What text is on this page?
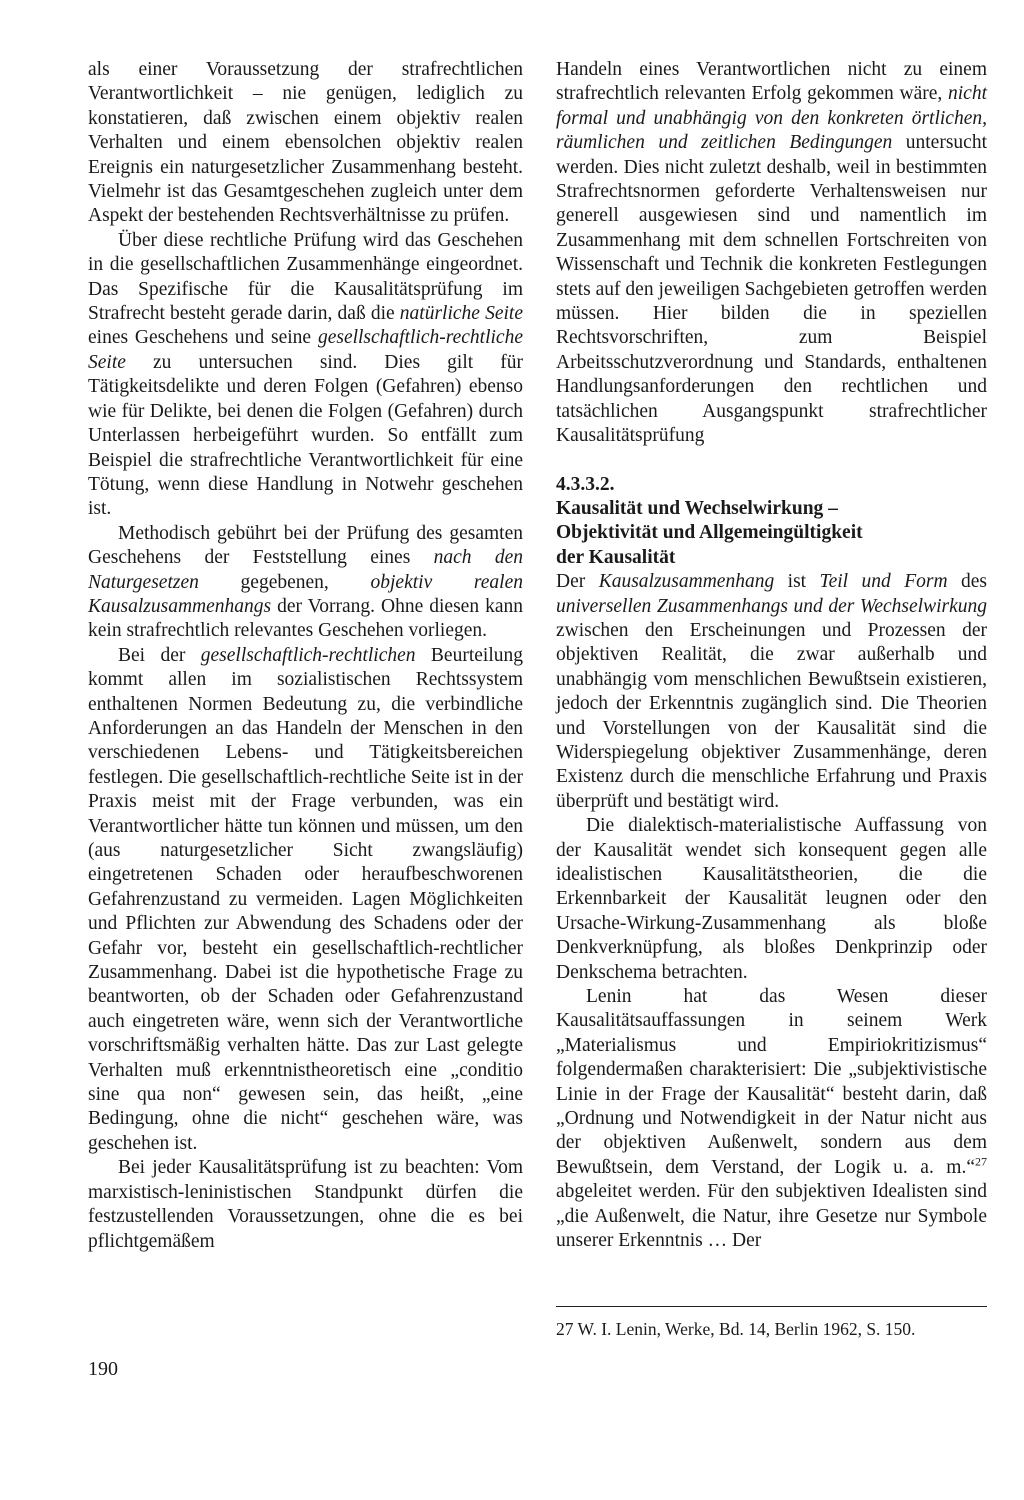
als einer Voraussetzung der strafrechtlichen Verantwortlichkeit – nie genügen, lediglich zu konstatieren, daß zwischen einem objektiv realen Verhalten und einem ebensolchen objektiv realen Ereignis ein naturgesetzlicher Zusammenhang besteht. Vielmehr ist das Gesamtgeschehen zugleich unter dem Aspekt der bestehenden Rechtsverhältnisse zu prüfen.

Über diese rechtliche Prüfung wird das Geschehen in die gesellschaftlichen Zusammenhänge eingeordnet. Das Spezifische für die Kausalitätsprüfung im Strafrecht besteht gerade darin, daß die natürliche Seite eines Geschehens und seine gesellschaftlich-rechtliche Seite zu untersuchen sind. Dies gilt für Tätigkeitsdelikte und deren Folgen (Gefahren) ebenso wie für Delikte, bei denen die Folgen (Gefahren) durch Unterlassen herbeigeführt wurden. So entfällt zum Beispiel die strafrechtliche Verantwortlichkeit für eine Tötung, wenn diese Handlung in Notwehr geschehen ist.

Methodisch gebührt bei der Prüfung des gesamten Geschehens der Feststellung eines nach den Naturgesetzen gegebenen, objektiv realen Kausalzusammenhangs der Vorrang. Ohne diesen kann kein strafrechtlich relevantes Geschehen vorliegen.

Bei der gesellschaftlich-rechtlichen Beurteilung kommt allen im sozialistischen Rechtssystem enthaltenen Normen Bedeutung zu, die verbindliche Anforderungen an das Handeln der Menschen in den verschiedenen Lebens- und Tätigkeitsbereichen festlegen. Die gesellschaftlich-rechtliche Seite ist in der Praxis meist mit der Frage verbunden, was ein Verantwortlicher hätte tun können und müssen, um den (aus naturgesetzlicher Sicht zwangsläufig) eingetretenen Schaden oder heraufbeschworenen Gefahrenzustand zu vermeiden. Lagen Möglichkeiten und Pflichten zur Abwendung des Schadens oder der Gefahr vor, besteht ein gesellschaftlich-rechtlicher Zusammenhang. Dabei ist die hypothetische Frage zu beantworten, ob der Schaden oder Gefahrenzustand auch eingetreten wäre, wenn sich der Verantwortliche vorschriftsmäßig verhalten hätte. Das zur Last gelegte Verhalten muß erkenntnistheoretisch eine „conditio sine qua non“ gewesen sein, das heißt, „eine Bedingung, ohne die nicht“ geschehen wäre, was geschehen ist.

Bei jeder Kausalitätsprüfung ist zu beachten: Vom marxistisch-leninistischen Standpunkt dürfen die festzustellenden Voraussetzungen, ohne die es bei pflichtgemäßem

Handeln eines Verantwortlichen nicht zu einem strafrechtlich relevanten Erfolg gekommen wäre, nicht formal und unabhängig von den konkreten örtlichen, räumlichen und zeitlichen Bedingungen untersucht werden. Dies nicht zuletzt deshalb, weil in bestimmten Strafrechtsnormen geforderte Verhaltensweisen nur generell ausgewiesen sind und namentlich im Zusammenhang mit dem schnellen Fortschreiten von Wissenschaft und Technik die konkreten Festlegungen stets auf den jeweiligen Sachgebieten getroffen werden müssen. Hier bilden die in speziellen Rechtsvorschriften, zum Beispiel Arbeitsschutzverordnung und Standards, enthaltenen Handlungsanforderungen den rechtlichen und tatsächlichen Ausgangspunkt strafrechtlicher Kausalitätsprüfung

4.3.3.2.
Kausalität und Wechselwirkung –
Objektivität und Allgemeingültigkeit
der Kausalität

Der Kausalzusammenhang ist Teil und Form des universellen Zusammenhangs und der Wechselwirkung zwischen den Erscheinungen und Prozessen der objektiven Realität, die zwar außerhalb und unabhängig vom menschlichen Bewußtsein existieren, jedoch der Erkenntnis zugänglich sind. Die Theorien und Vorstellungen von der Kausalität sind die Widerspiegelung objektiver Zusammenhänge, deren Existenz durch die menschliche Erfahrung und Praxis überprüft und bestätigt wird.

Die dialektisch-materialistische Auffassung von der Kausalität wendet sich konsequent gegen alle idealistischen Kausalitätstheorien, die die Erkennbarkeit der Kausalität leugnen oder den Ursache-Wirkung-Zusammenhang als bloße Denkverknüpfung, als bloßes Denkprinzip oder Denkschema betrachten.

Lenin hat das Wesen dieser Kausalitätsauffassungen in seinem Werk „Materialismus und Empiriokritizismus“ folgendermaßen charakterisiert: Die „subjektivistische Linie in der Frage der Kausalität“ besteht darin, daß „Ordnung und Notwendigkeit in der Natur nicht aus der objektiven Außenwelt, sondern aus dem Bewußtsein, dem Verstand, der Logik u. a. m.“$^{27}$ abgeleitet werden. Für den subjektiven Idealisten sind „die Außenwelt, die Natur, ihre Gesetze nur Symbole unserer Erkenntnis … Der

27 W. I. Lenin, Werke, Bd. 14, Berlin 1962, S. 150.
190
